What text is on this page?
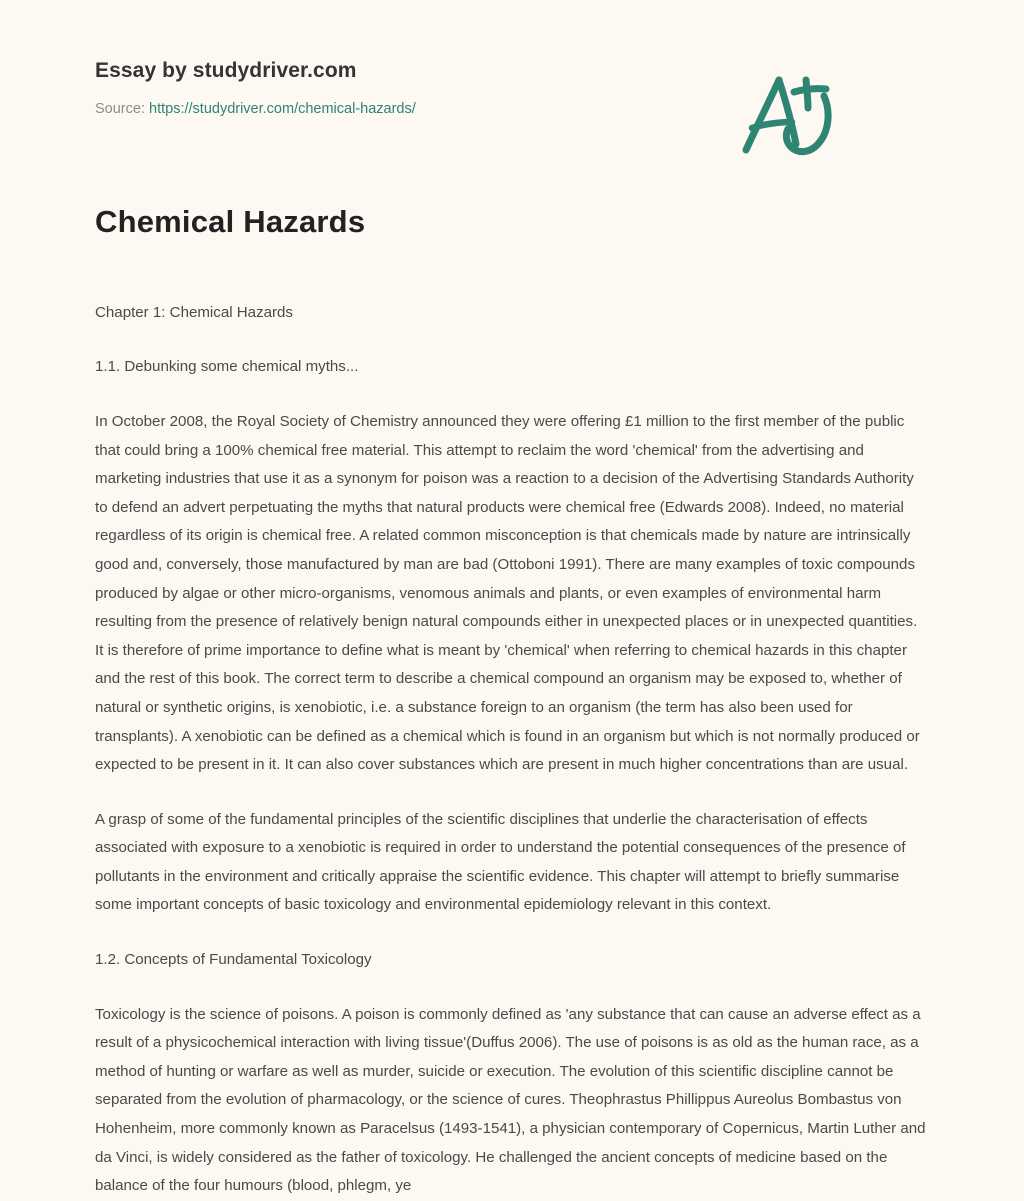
Essay by studydriver.com
Source: https://studydriver.com/chemical-hazards/
Chemical Hazards

Chapter 1: Chemical Hazards

1.1. Debunking some chemical myths...

In October 2008, the Royal Society of Chemistry announced they were offering £1 million to the first member of the public that could bring a 100% chemical free material. This attempt to reclaim the word 'chemical' from the advertising and marketing industries that use it as a synonym for poison was a reaction to a decision of the Advertising Standards Authority to defend an advert perpetuating the myths that natural products were chemical free (Edwards 2008). Indeed, no material regardless of its origin is chemical free. A related common misconception is that chemicals made by nature are intrinsically good and, conversely, those manufactured by man are bad (Ottoboni 1991). There are many examples of toxic compounds produced by algae or other micro-organisms, venomous animals and plants, or even examples of environmental harm resulting from the presence of relatively benign natural compounds either in unexpected places or in unexpected quantities. It is therefore of prime importance to define what is meant by 'chemical' when referring to chemical hazards in this chapter and the rest of this book. The correct term to describe a chemical compound an organism may be exposed to, whether of natural or synthetic origins, is xenobiotic, i.e. a substance foreign to an organism (the term has also been used for transplants). A xenobiotic can be defined as a chemical which is found in an organism but which is not normally produced or expected to be present in it. It can also cover substances which are present in much higher concentrations than are usual.

A grasp of some of the fundamental principles of the scientific disciplines that underlie the characterisation of effects associated with exposure to a xenobiotic is required in order to understand the potential consequences of the presence of pollutants in the environment and critically appraise the scientific evidence. This chapter will attempt to briefly summarise some important concepts of basic toxicology and environmental epidemiology relevant in this context.

1.2. Concepts of Fundamental Toxicology

Toxicology is the science of poisons. A poison is commonly defined as 'any substance that can cause an adverse effect as a result of a physicochemical interaction with living tissue'(Duffus 2006). The use of poisons is as old as the human race, as a method of hunting or warfare as well as murder, suicide or execution. The evolution of this scientific discipline cannot be separated from the evolution of pharmacology, or the science of cures. Theophrastus Phillippus Aureolus Bombastus von Hohenheim, more commonly known as Paracelsus (1493-1541), a physician contemporary of Copernicus, Martin Luther and da Vinci, is widely considered as the father of toxicology. He challenged the ancient concepts of medicine based on the balance of the four humours (blood, phlegm, ye
